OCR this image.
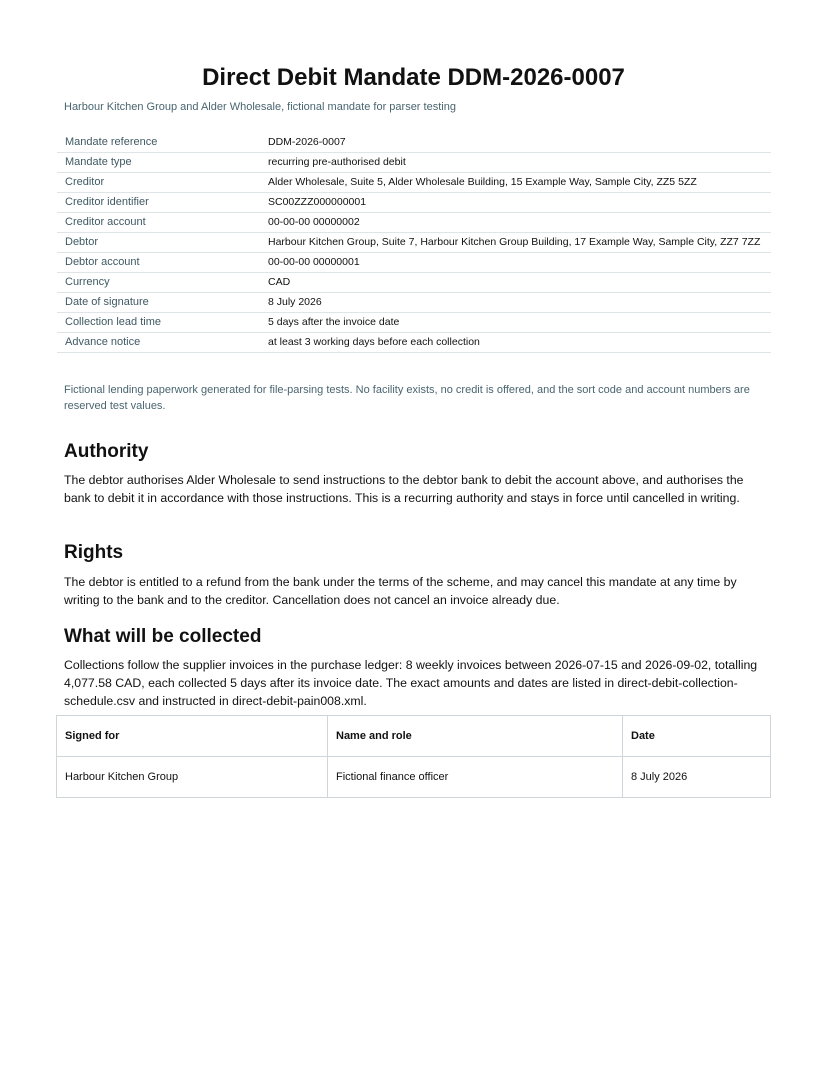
Direct Debit Mandate DDM-2026-0007
Harbour Kitchen Group and Alder Wholesale, fictional mandate for parser testing
Mandate reference	DDM-2026-0007
Mandate type	recurring pre-authorised debit
Creditor	Alder Wholesale, Suite 5, Alder Wholesale Building, 15 Example Way, Sample City, ZZ5 5ZZ
Creditor identifier	SC00ZZZ000000001
Creditor account	00-00-00 00000002
Debtor	Harbour Kitchen Group, Suite 7, Harbour Kitchen Group Building, 17 Example Way, Sample City, ZZ7 7ZZ
Debtor account	00-00-00 00000001
Currency	CAD
Date of signature	8 July 2026
Collection lead time	5 days after the invoice date
Advance notice	at least 3 working days before each collection
Fictional lending paperwork generated for file-parsing tests. No facility exists, no credit is offered, and the sort code and account numbers are reserved test values.
Authority

The debtor authorises Alder Wholesale to send instructions to the debtor bank to debit the account above, and authorises the bank to debit it in accordance with those instructions. This is a recurring authority and stays in force until cancelled in writing.

Rights

The debtor is entitled to a refund from the bank under the terms of the scheme, and may cancel this mandate at any time by writing to the bank and to the creditor. Cancellation does not cancel an invoice already due.

What will be collected

Collections follow the supplier invoices in the purchase ledger: 8 weekly invoices between 2026-07-15 and 2026-09-02, totalling 4,077.58 CAD, each collected 5 days after its invoice date. The exact amounts and dates are listed in direct-debit-collection-schedule.csv and instructed in direct-debit-pain008.xml.

Signed for	Name and role	Date
Harbour Kitchen Group	Fictional finance officer	8 July 2026
